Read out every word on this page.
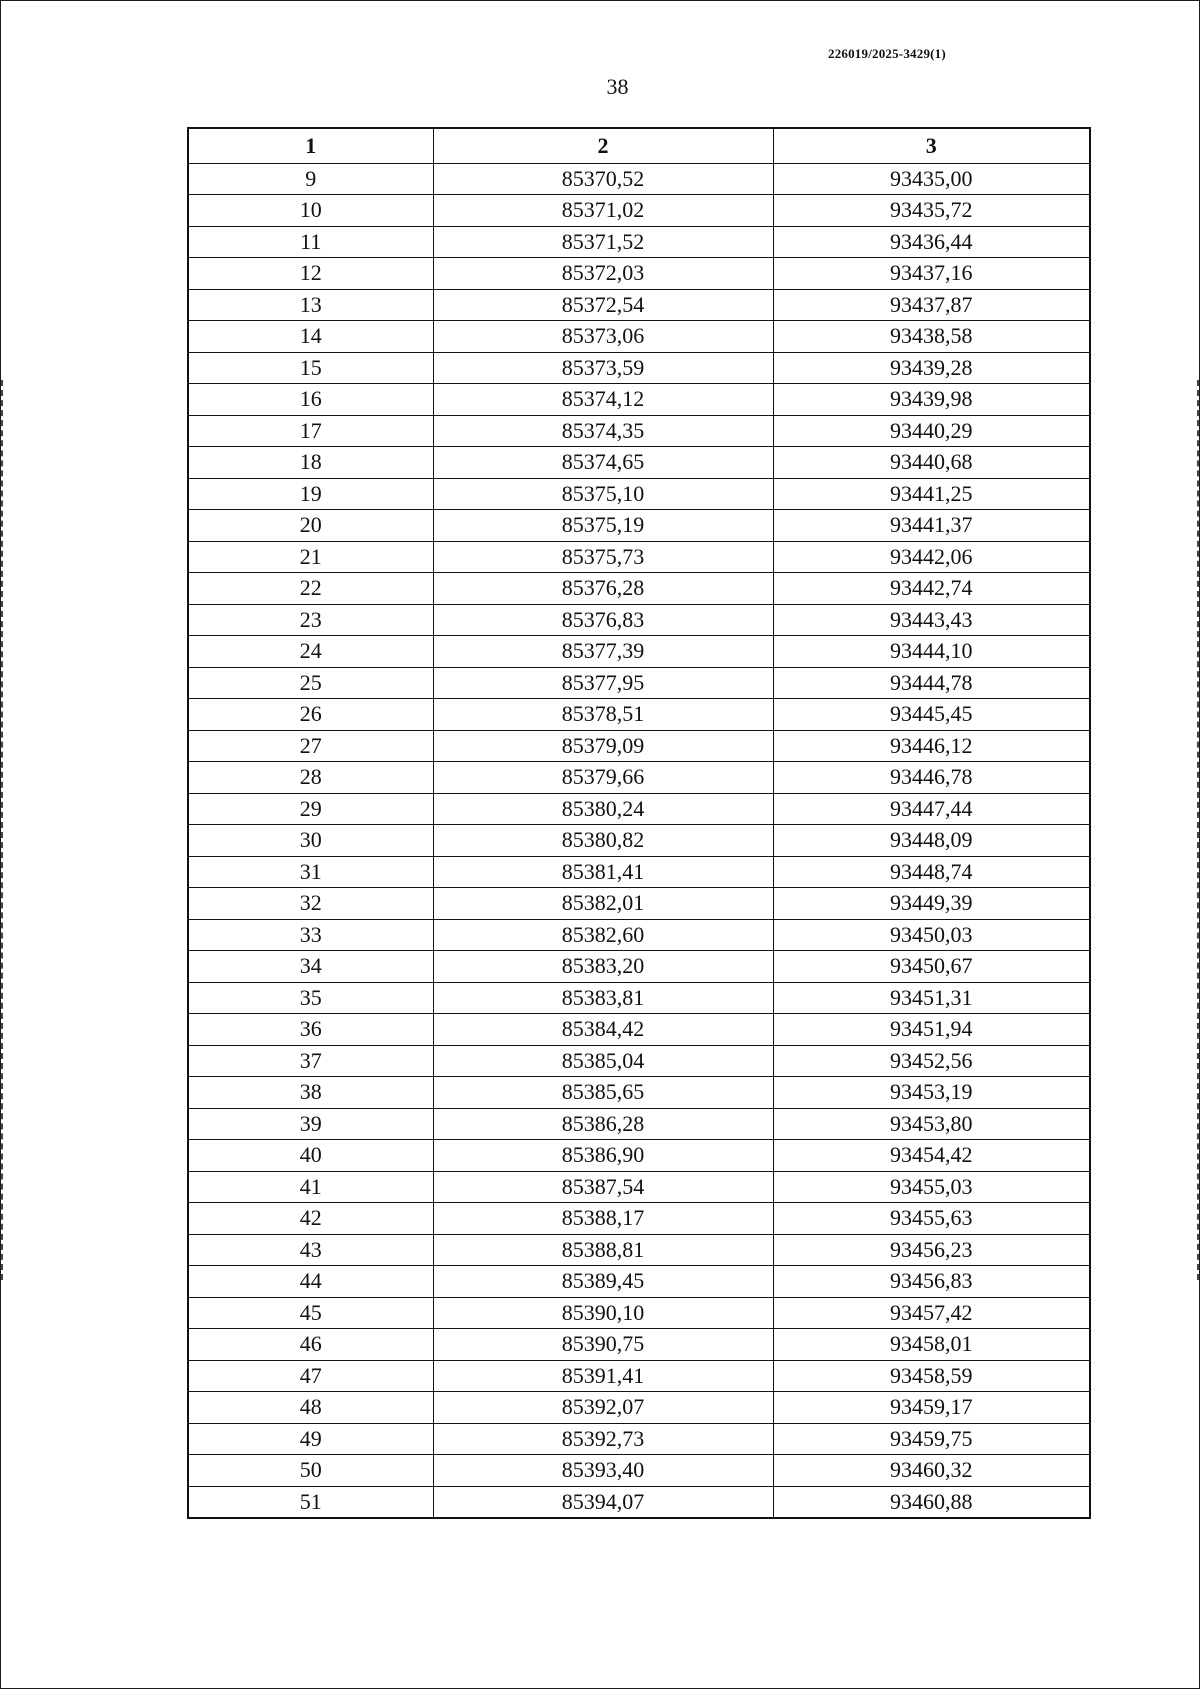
226019/2025-3429(1)
38
1	2	3
9	85370,52	93435,00
10	85371,02	93435,72
11	85371,52	93436,44
12	85372,03	93437,16
13	85372,54	93437,87
14	85373,06	93438,58
15	85373,59	93439,28
16	85374,12	93439,98
17	85374,35	93440,29
18	85374,65	93440,68
19	85375,10	93441,25
20	85375,19	93441,37
21	85375,73	93442,06
22	85376,28	93442,74
23	85376,83	93443,43
24	85377,39	93444,10
25	85377,95	93444,78
26	85378,51	93445,45
27	85379,09	93446,12
28	85379,66	93446,78
29	85380,24	93447,44
30	85380,82	93448,09
31	85381,41	93448,74
32	85382,01	93449,39
33	85382,60	93450,03
34	85383,20	93450,67
35	85383,81	93451,31
36	85384,42	93451,94
37	85385,04	93452,56
38	85385,65	93453,19
39	85386,28	93453,80
40	85386,90	93454,42
41	85387,54	93455,03
42	85388,17	93455,63
43	85388,81	93456,23
44	85389,45	93456,83
45	85390,10	93457,42
46	85390,75	93458,01
47	85391,41	93458,59
48	85392,07	93459,17
49	85392,73	93459,75
50	85393,40	93460,32
51	85394,07	93460,88
